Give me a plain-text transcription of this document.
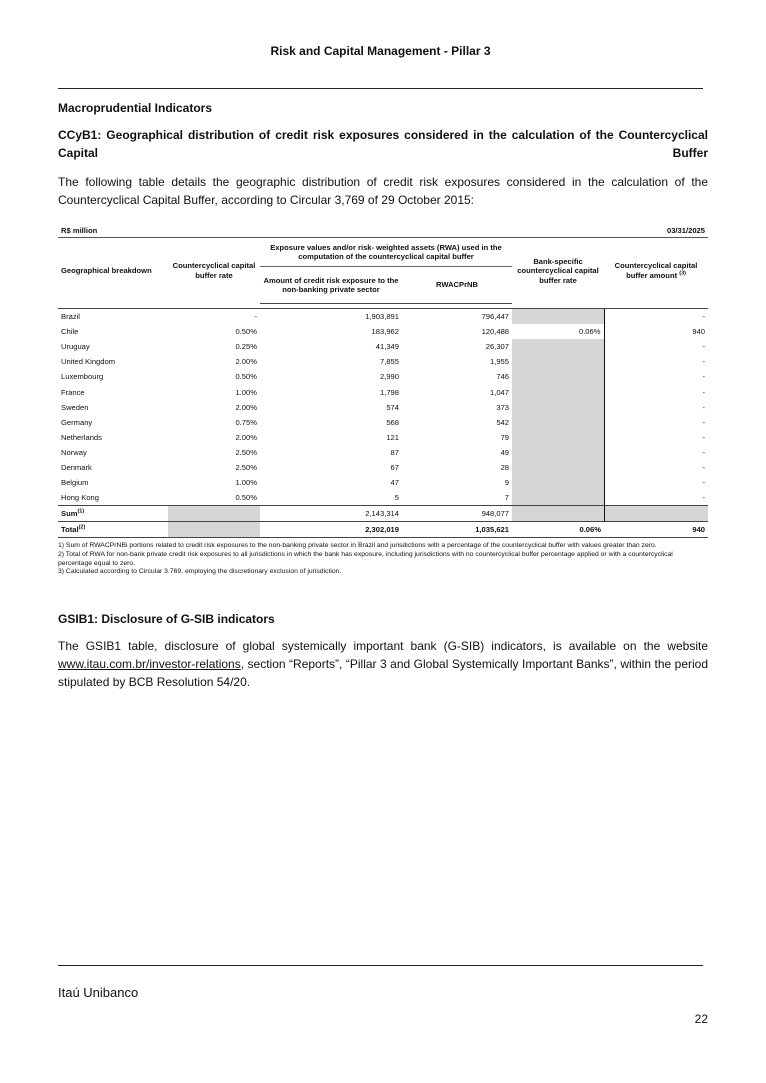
Risk and Capital Management - Pillar 3
Macroprudential Indicators
CCyB1: Geographical distribution of credit risk exposures considered in the calculation of the Countercyclical Capital Buffer
The following table details the geographic distribution of credit risk exposures considered in the calculation of the Countercyclical Capital Buffer, according to Circular 3,769 of 29 October 2015:
R$ million	03/31/2025
Geographical breakdown	Countercyclical capital buffer rate	Exposure values and/or risk- weighted assets (RWA) used in the computation of the countercyclical capital buffer		Bank-specific countercyclical capital buffer rate	Countercyclical capital buffer amount $^{(3)}$
		Amount of credit risk exposure to the non-banking private sector	RWACPrNB		

Brazil	-	1,903,891	796,447		-
Chile	0.50%	183,962	120,488	0.06%	940
Uruguay	0.25%	41,349	26,307		-
United Kingdom	2.00%	7,855	1,955		-
Luxembourg	0.50%	2,990	746		-
France	1.00%	1,798	1,047		-
Sweden	2.00%	574	373		-
Germany	0.75%	568	542		-
Netherlands	2.00%	121	79		-
Norway	2.50%	87	49		-
Denmark	2.50%	67	28		-
Belgium	1.00%	47	9		-
Hong Kong	0.50%	5	7		-
Sum$^{(1)}$		2,143,314	948,077		
Total$^{(2)}$		2,302,019	1,035,621	0.06%	940
1) Sum of RWACPrNBi portions related to credit risk exposures to the non-banking private sector in Brazil and jurisdictions with a percentage of the countercyclical buffer with values greater than zero.
2) Total of RWA for non-bank private credit risk exposures to all jurisdictions in which the bank has exposure, including jurisdictions with no countercyclical buffer percentage applied or with a countercyclical percentage equal to zero.
3) Calculated according to Circular 3.769, employing the discretionary exclusion of jurisdiction.
GSIB1: Disclosure of G-SIB indicators
The GSIB1 table, disclosure of global systemically important bank (G-SIB) indicators, is available on the website www.itau.com.br/investor-relations, section “Reports”, “Pillar 3 and Global Systemically Important Banks”, within the period stipulated by BCB Resolution 54/20.
Itaú Unibanco
22
